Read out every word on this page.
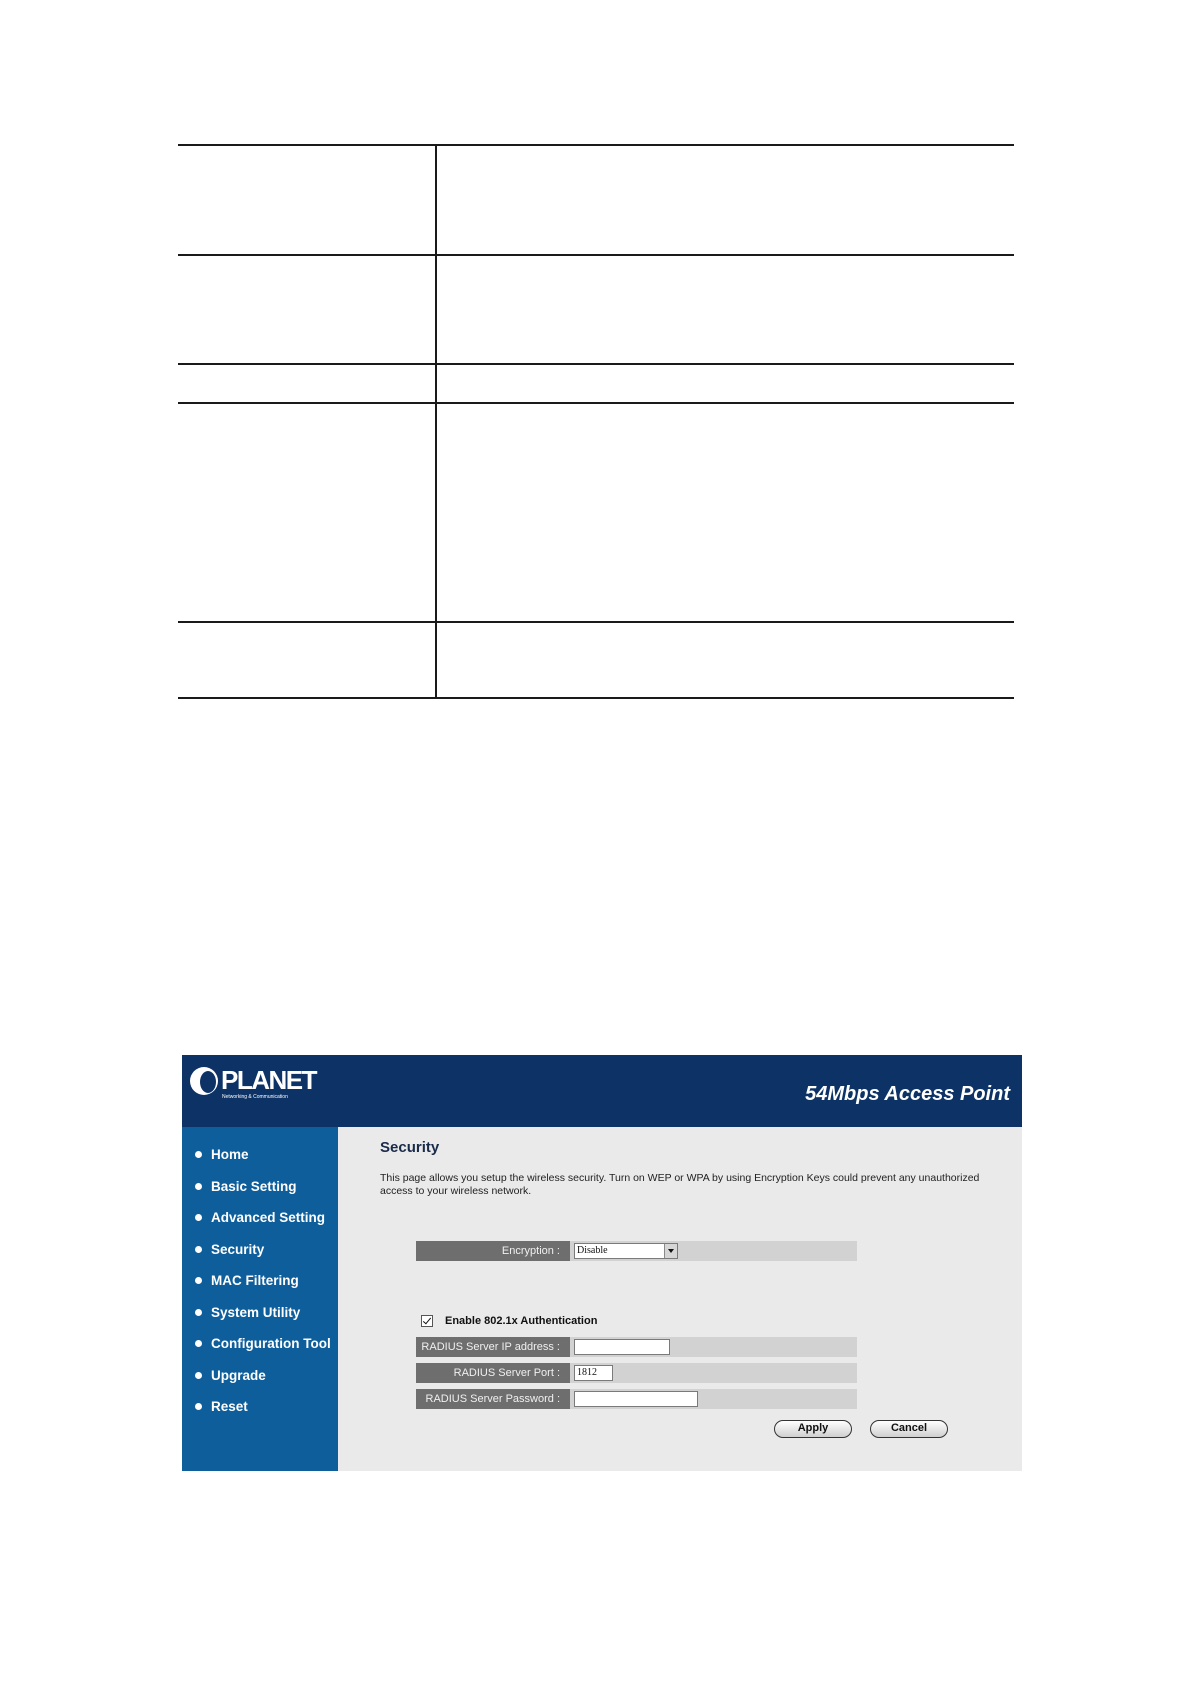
PLANET
Networking & Communication	54Mbps Access Point
Home
Basic Setting
Advanced Setting
Security
MAC Filtering
System Utility
Configuration Tool
Upgrade
Reset
Security
This page allows you setup the wireless security. Turn on WEP or WPA by using Encryption Keys could prevent any unauthorized access to your wireless network.
Encryption :	Disable
Enable 802.1x Authentication
RADIUS Server IP address :
RADIUS Server Port :	1812
RADIUS Server Password :
Apply	Cancel
